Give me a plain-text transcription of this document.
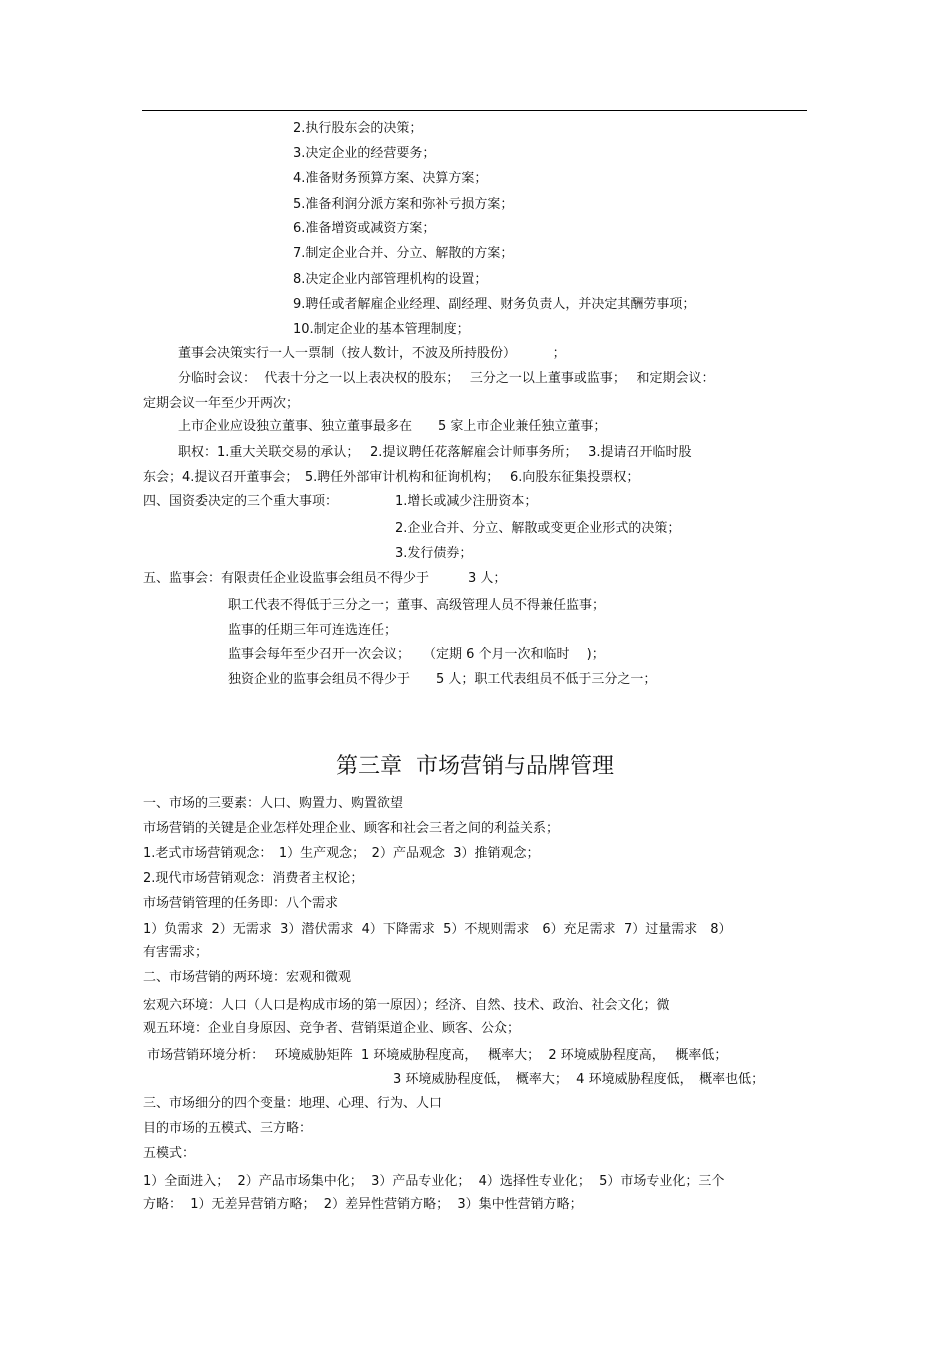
2.执行股东会的决策；
3.决定企业的经营要务；
4.准备财务预算方案、决算方案；
5.准备利润分派方案和弥补亏损方案；
6.准备增资或减资方案；
7.制定企业合并、分立、解散的方案；
8.决定企业内部管理机构的设置；
9.聘任或者解雇企业经理、副经理、财务负责人，并决定其酬劳事项；
10.制定企业的基本管理制度；
董事会决策实行一人一票制（按人数计，不波及所持股份）　　 　；
分临时会议：  代表十分之一以上表决权的股东；　 三分之一以上董事或监事；　 和定期会议：
定期会议一年至少开两次；
上市企业应设独立董事、独立董事最多在　　5 家上市企业兼任独立董事；
职权：1.重大关联交易的承认；　 2.提议聘任花落解雇会计师事务所；　 3.提请召开临时股
东会；4.提议召开董事会；　5.聘任外部审计机构和征询机构；　 6.向股东征集投票权；
四、国资委决定的三个重大事项：	1.增长或减少注册资本；
2.企业合并、分立、解散或变更企业形式的决策；
3.发行债券；
五、监事会：有限责任企业设监事会组员不得少于　　　3 人；
职工代表不得低于三分之一；董事、高级管理人员不得兼任监事；
监事的任期三年可连选连任；
监事会每年至少召开一次会议；　　（定期 6 个月一次和临时　 )；
独资企业的监事会组员不得少于　　5 人；职工代表组员不低于三分之一；
第三章  市场营销与品牌管理
一、市场的三要素：人口、购置力、购置欲望
市场营销的关键是企业怎样处理企业、顾客和社会三者之间的利益关系；
1.老式市场营销观念：　1）生产观念；　2）产品观念  3）推销观念；
2.现代市场营销观念：消费者主权论；
市场营销管理的任务即：八个需求
1）负需求  2）无需求  3）潜伏需求  4）下降需求  5）不规则需求　6）充足需求  7）过量需求　8）
有害需求；
二、市场营销的两环境：宏观和微观
宏观六环境：人口（人口是构成市场的第一原因）；经济、自然、技术、政治、社会文化；微
观五环境：企业自身原因、竞争者、营销渠道企业、顾客、公众；
市场营销环境分析：　 环境威胁矩阵  1 环境威胁程度高，　 概率大；  2 环境威胁程度高，　 概率低；
3 环境威胁程度低，　概率大；  4 环境威胁程度低，　概率也低；
三、市场细分的四个变量：地理、心理、行为、人口
目的市场的五模式、三方略：
五模式：
1）全面进入；  2）产品市场集中化；  3）产品专业化；  4）选择性专业化；  5）市场专业化；三个
方略：  1）无差异营销方略；  2）差异性营销方略；  3）集中性营销方略；
